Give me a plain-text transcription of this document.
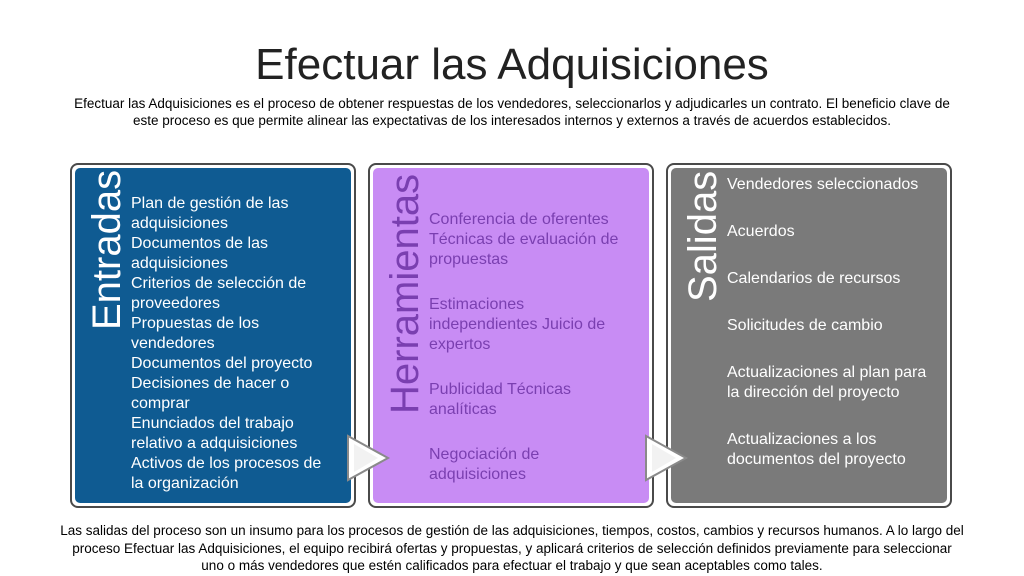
Efectuar las Adquisiciones

Efectuar las Adquisiciones es el proceso de obtener respuestas de los vendedores, seleccionarlos y adjudicarles un contrato. El beneficio clave de este proceso es que permite alinear las expectativas de los interesados internos y externos a través de acuerdos establecidos.

Entradas Plan de gestión de las adquisiciones
Documentos de las adquisiciones
Criterios de selección de proveedores
Propuestas de los vendedores
Documentos del proyecto
Decisiones de hacer o comprar
Enunciados del trabajo relativo a adquisiciones
Activos de los procesos de la organización
Herramientas Conferencia de oferentes Técnicas de evaluación de propuestas
Estimaciones independientes Juicio de expertos
Publicidad Técnicas analíticas
Negociación de adquisiciones
Salidas Vendedores seleccionados
Acuerdos
Calendarios de recursos
Solicitudes de cambio
Actualizaciones al plan para la dirección del proyecto
Actualizaciones a los documentos del proyecto

Las salidas del proceso son un insumo para los procesos de gestión de las adquisiciones, tiempos, costos, cambios y recursos humanos. A lo largo del proceso Efectuar las Adquisiciones, el equipo recibirá ofertas y propuestas, y aplicará criterios de selección definidos previamente para seleccionar uno o más vendedores que estén calificados para efectuar el trabajo y que sean aceptables como tales.
